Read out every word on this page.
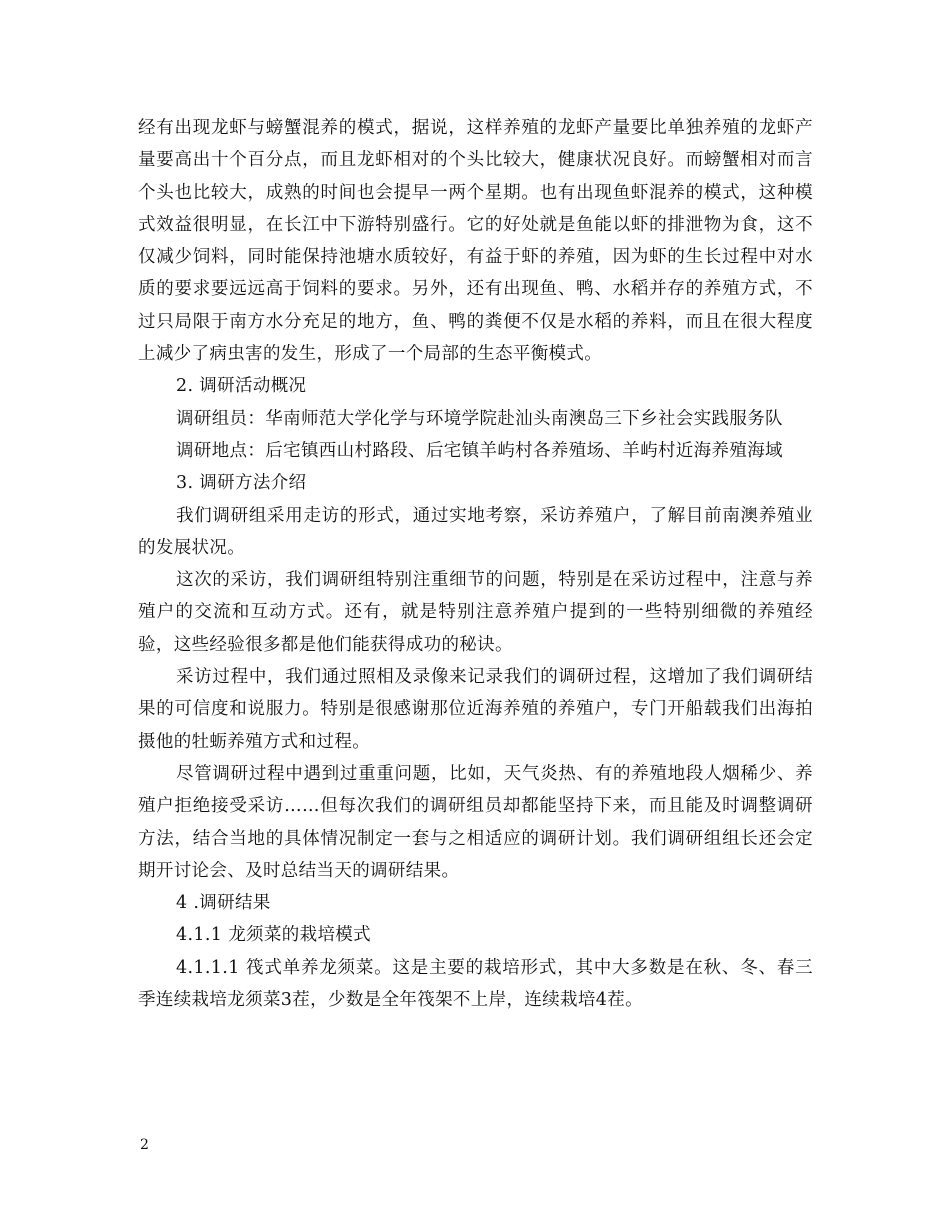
经有出现龙虾与螃蟹混养的模式，据说，这样养殖的龙虾产量要比单独养殖的龙虾产量要高出十个百分点，而且龙虾相对的个头比较大，健康状况良好。而螃蟹相对而言个头也比较大，成熟的时间也会提早一两个星期。也有出现鱼虾混养的模式，这种模式效益很明显，在长江中下游特别盛行。它的好处就是鱼能以虾的排泄物为食，这不仅减少饲料，同时能保持池塘水质较好，有益于虾的养殖，因为虾的生长过程中对水质的要求要远远高于饲料的要求。另外，还有出现鱼、鸭、水稻并存的养殖方式，不过只局限于南方水分充足的地方，鱼、鸭的粪便不仅是水稻的养料，而且在很大程度上减少了病虫害的发生，形成了一个局部的生态平衡模式。

2. 调研活动概况

调研组员：华南师范大学化学与环境学院赴汕头南澳岛三下乡社会实践服务队

调研地点：后宅镇西山村路段、后宅镇羊屿村各养殖场、羊屿村近海养殖海域

3. 调研方法介绍

我们调研组采用走访的形式，通过实地考察，采访养殖户，了解目前南澳养殖业的发展状况。

这次的采访，我们调研组特别注重细节的问题，特别是在采访过程中，注意与养殖户的交流和互动方式。还有，就是特别注意养殖户提到的一些特别细微的养殖经验，这些经验很多都是他们能获得成功的秘诀。

采访过程中，我们通过照相及录像来记录我们的调研过程，这增加了我们调研结果的可信度和说服力。特别是很感谢那位近海养殖的养殖户，专门开船载我们出海拍摄他的牡蛎养殖方式和过程。

尽管调研过程中遇到过重重问题，比如，天气炎热、有的养殖地段人烟稀少、养殖户拒绝接受采访……但每次我们的调研组员却都能坚持下来，而且能及时调整调研方法，结合当地的具体情况制定一套与之相适应的调研计划。我们调研组组长还会定期开讨论会、及时总结当天的调研结果。

4 .调研结果

4.1.1 龙须菜的栽培模式

4.1.1.1 筏式单养龙须菜。这是主要的栽培形式，其中大多数是在秋、冬、春三季连续栽培龙须菜3茬，少数是全年筏架不上岸，连续栽培4茬。

2
